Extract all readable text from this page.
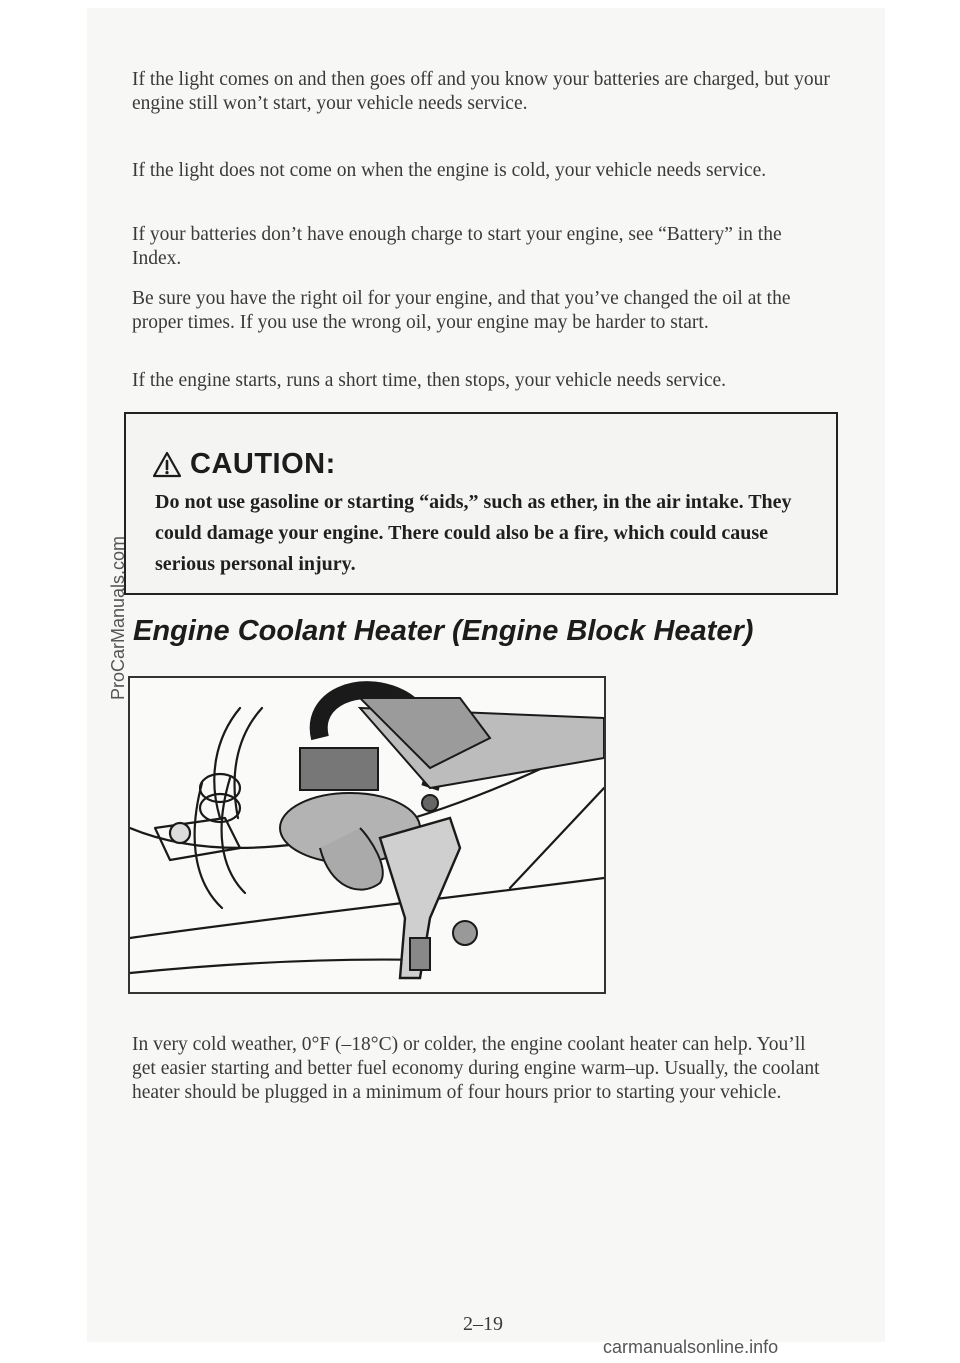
If the light comes on and then goes off and you know your batteries are charged, but your engine still won’t start, your vehicle needs service.

If the light does not come on when the engine is cold, your vehicle needs service.

If your batteries don’t have enough charge to start your engine, see “Battery” in the Index.

Be sure you have the right oil for your engine, and that you’ve changed the oil at the proper times. If you use the wrong oil, your engine may be harder to start.

If the engine starts, runs a short time, then stops, your vehicle needs service.

CAUTION:

Do not use gasoline or starting “aids,” such as ether, in the air intake. They could damage your engine. There could also be a fire, which could cause serious personal injury.

Engine Coolant Heater (Engine Block Heater)

In very cold weather, 0°F (–18°C) or colder, the engine coolant heater can help. You’ll get easier starting and better fuel economy during engine warm–up. Usually, the coolant heater should be plugged in a minimum of four hours prior to starting your vehicle.

2–19

ProCarManuals.com
carmanualsonline.info
